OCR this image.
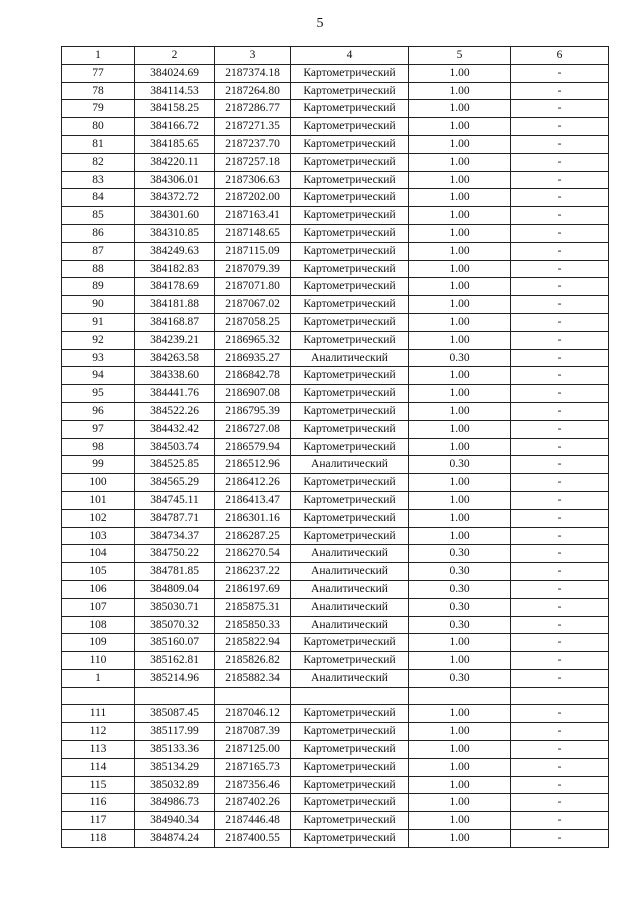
5
1	2	3	4	5	6
77	384024.69	2187374.18	Картометрический	1.00	-
78	384114.53	2187264.80	Картометрический	1.00	-
79	384158.25	2187286.77	Картометрический	1.00	-
80	384166.72	2187271.35	Картометрический	1.00	-
81	384185.65	2187237.70	Картометрический	1.00	-
82	384220.11	2187257.18	Картометрический	1.00	-
83	384306.01	2187306.63	Картометрический	1.00	-
84	384372.72	2187202.00	Картометрический	1.00	-
85	384301.60	2187163.41	Картометрический	1.00	-
86	384310.85	2187148.65	Картометрический	1.00	-
87	384249.63	2187115.09	Картометрический	1.00	-
88	384182.83	2187079.39	Картометрический	1.00	-
89	384178.69	2187071.80	Картометрический	1.00	-
90	384181.88	2187067.02	Картометрический	1.00	-
91	384168.87	2187058.25	Картометрический	1.00	-
92	384239.21	2186965.32	Картометрический	1.00	-
93	384263.58	2186935.27	Аналитический	0.30	-
94	384338.60	2186842.78	Картометрический	1.00	-
95	384441.76	2186907.08	Картометрический	1.00	-
96	384522.26	2186795.39	Картометрический	1.00	-
97	384432.42	2186727.08	Картометрический	1.00	-
98	384503.74	2186579.94	Картометрический	1.00	-
99	384525.85	2186512.96	Аналитический	0.30	-
100	384565.29	2186412.26	Картометрический	1.00	-
101	384745.11	2186413.47	Картометрический	1.00	-
102	384787.71	2186301.16	Картометрический	1.00	-
103	384734.37	2186287.25	Картометрический	1.00	-
104	384750.22	2186270.54	Аналитический	0.30	-
105	384781.85	2186237.22	Аналитический	0.30	-
106	384809.04	2186197.69	Аналитический	0.30	-
107	385030.71	2185875.31	Аналитический	0.30	-
108	385070.32	2185850.33	Аналитический	0.30	-
109	385160.07	2185822.94	Картометрический	1.00	-
110	385162.81	2185826.82	Картометрический	1.00	-
1	385214.96	2185882.34	Аналитический	0.30	-

111	385087.45	2187046.12	Картометрический	1.00	-
112	385117.99	2187087.39	Картометрический	1.00	-
113	385133.36	2187125.00	Картометрический	1.00	-
114	385134.29	2187165.73	Картометрический	1.00	-
115	385032.89	2187356.46	Картометрический	1.00	-
116	384986.73	2187402.26	Картометрический	1.00	-
117	384940.34	2187446.48	Картометрический	1.00	-
118	384874.24	2187400.55	Картометрический	1.00	-
